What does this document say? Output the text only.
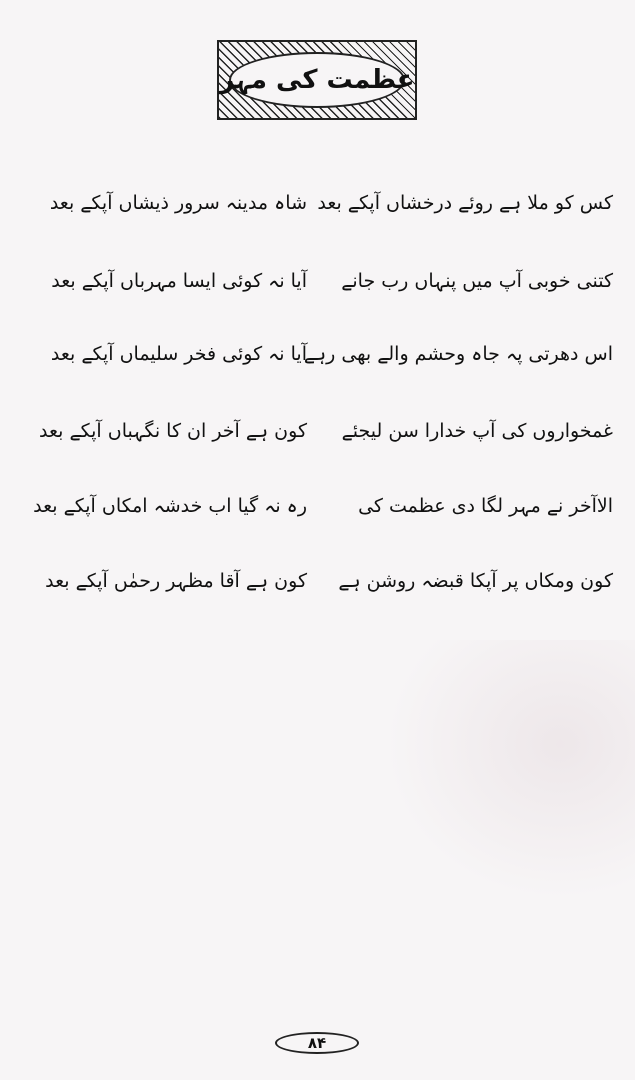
عظمت کی مہر
کس کو ملا ہے روئے درخشاں آپکے بعد
شاہ مدینہ سرور ذیشاں آپکے بعد
کتنی خوبی آپ میں پنہاں رب جانے
آیا نہ کوئی ایسا مہرباں آپکے بعد
اس دھرتی پہ جاہ وحشم والے بھی رہے
آیا نہ کوئی فخر سلیماں آپکے بعد
غمخواروں کی آپ خدارا سن لیجئے
کون ہے آخر ان کا نگہباں آپکے بعد
الاآخر نے مہر لگا دی عظمت کی
رہ نہ گیا اب خدشہ امکاں آپکے بعد
کون ومکاں پر آپکا قبضہ روشن ہے
کون ہے آقا مظہر رحمٰں آپکے بعد
۸۴
